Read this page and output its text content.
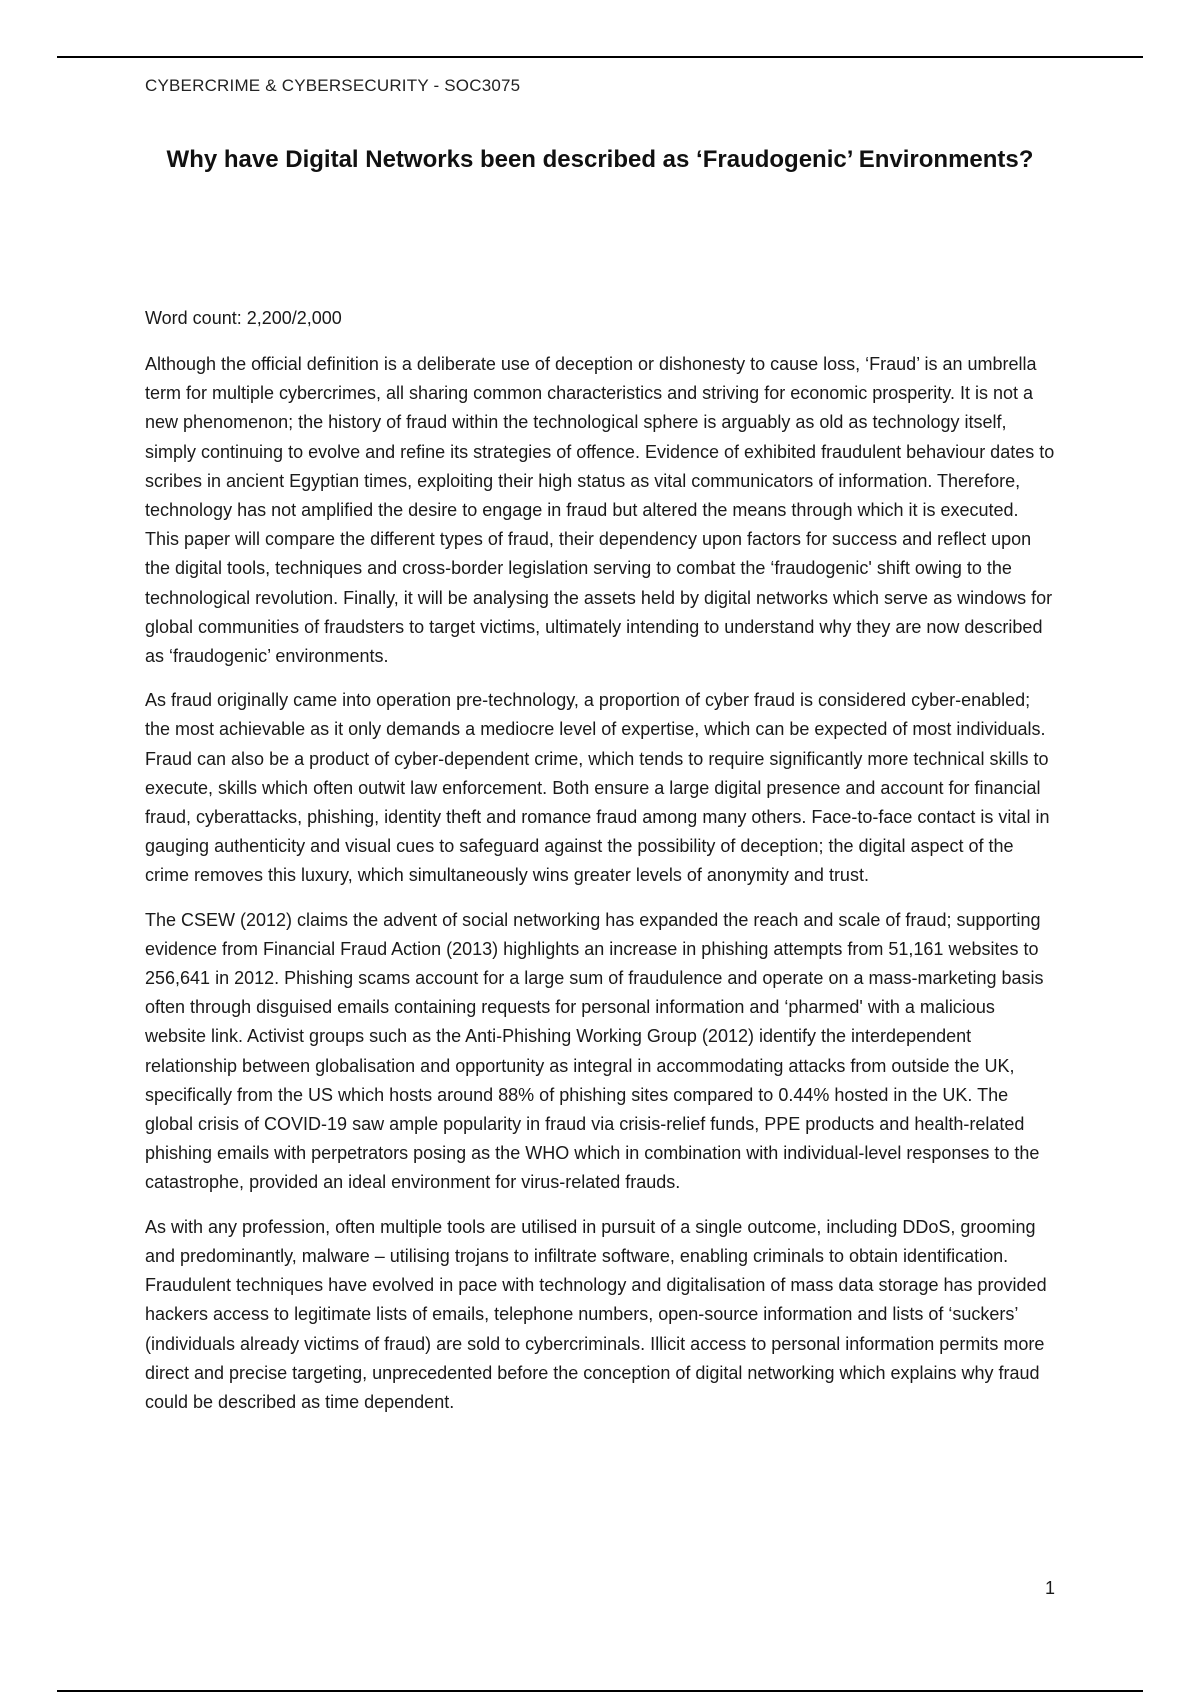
CYBERCRIME & CYBERSECURITY - SOC3075

Why have Digital Networks been described as ‘Fraudogenic’ Environments?

Word count: 2,200/2,000

Although the official definition is a deliberate use of deception or dishonesty to cause loss, ‘Fraud’ is an umbrella term for multiple cybercrimes, all sharing common characteristics and striving for economic prosperity. It is not a new phenomenon; the history of fraud within the technological sphere is arguably as old as technology itself, simply continuing to evolve and refine its strategies of offence. Evidence of exhibited fraudulent behaviour dates to scribes in ancient Egyptian times, exploiting their high status as vital communicators of information. Therefore, technology has not amplified the desire to engage in fraud but altered the means through which it is executed. This paper will compare the different types of fraud, their dependency upon factors for success and reflect upon the digital tools, techniques and cross-border legislation serving to combat the ‘fraudogenic' shift owing to the technological revolution. Finally, it will be analysing the assets held by digital networks which serve as windows for global communities of fraudsters to target victims, ultimately intending to understand why they are now described as ‘fraudogenic’ environments.

As fraud originally came into operation pre-technology, a proportion of cyber fraud is considered cyber-enabled; the most achievable as it only demands a mediocre level of expertise, which can be expected of most individuals. Fraud can also be a product of cyber-dependent crime, which tends to require significantly more technical skills to execute, skills which often outwit law enforcement. Both ensure a large digital presence and account for financial fraud, cyberattacks, phishing, identity theft and romance fraud among many others. Face-to-face contact is vital in gauging authenticity and visual cues to safeguard against the possibility of deception; the digital aspect of the crime removes this luxury, which simultaneously wins greater levels of anonymity and trust.

The CSEW (2012) claims the advent of social networking has expanded the reach and scale of fraud; supporting evidence from Financial Fraud Action (2013) highlights an increase in phishing attempts from 51,161 websites to 256,641 in 2012. Phishing scams account for a large sum of fraudulence and operate on a mass-marketing basis often through disguised emails containing requests for personal information and ‘pharmed' with a malicious website link. Activist groups such as the Anti-Phishing Working Group (2012) identify the interdependent relationship between globalisation and opportunity as integral in accommodating attacks from outside the UK, specifically from the US which hosts around 88% of phishing sites compared to 0.44% hosted in the UK. The global crisis of COVID-19 saw ample popularity in fraud via crisis-relief funds, PPE products and health-related phishing emails with perpetrators posing as the WHO which in combination with individual-level responses to the catastrophe, provided an ideal environment for virus-related frauds.

As with any profession, often multiple tools are utilised in pursuit of a single outcome, including DDoS, grooming and predominantly, malware – utilising trojans to infiltrate software, enabling criminals to obtain identification. Fraudulent techniques have evolved in pace with technology and digitalisation of mass data storage has provided hackers access to legitimate lists of emails, telephone numbers, open-source information and lists of ‘suckers’ (individuals already victims of fraud) are sold to cybercriminals. Illicit access to personal information permits more direct and precise targeting, unprecedented before the conception of digital networking which explains why fraud could be described as time dependent.

1
